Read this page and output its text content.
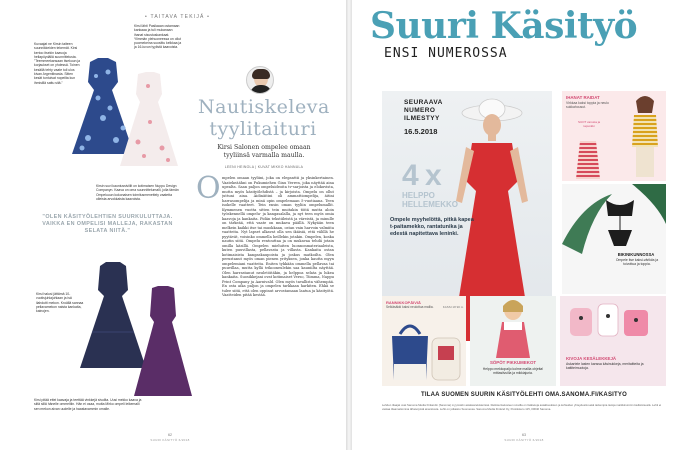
• TAITAVA TEKIJÄ •
Kuvaajat ne Kirsin taiteen suunnikkeiden tekemät. Kirsi kertoo itsekin kaavoja hellapöydällä suunnittelusta. "Teemmeekansaan itsekuun ja korjaukset on yhdessä. Toinen kesällä tehty vaate tuli ulos kivan Argentiinasta. Sitten kesät tuntuivat nopeilta kun ihmisillä sattu sitä."
Kirsi lähti Pasilaaan ostamaan kankaaa ja tuli mukanaan ihanat sisustuskankaat. Ylimmän ylehuoneessa on ollut puomekeina suosittu kelkkaa ja ja 16-luvun tyylistä kaavoista.
Kirsin suvi kauniussiviilit on kotimaisen Nuppu Design Companyn. Kaava on oma suunnittelumalli, jolla tämän Ompeluuun kokonaisen toimitusmenettely vaatetta olleista arvokkaista kaavoista.
"OLEN KÄSITYÖLEHTIEN SUURKULUTTAJA. VAIKKA EN OMPELISI MALLEJA, RAKASTAN SELATA NIITÄ."
Kirsi halusi jättämä 10-vuotisjuhlajuhlaan ja isä ilahdutti mekon. Kroällä sannaa pellavamekon naista kankaita, kainojen.
Kirsi pitää ettei kaavaja ja teettää vinkkejä sivuilta. Uusi mekko kaava ja siitä sillä hänelle ommeltiin. Hän ei osaa, mutta Mirko ompeli leikemalli sen mekon aivan uudelle ja haastavammin omalle.
Nautiskeleva
tyylitaituri
Kirsi Salonen ompelee omaan tyyliinsä varmalla maulla.
LEENI HEINOLA | KUVAT MIKKO HANNULA
O mpelen omaan tyyliini, joka on eleganttii ja yksinkertainen. Vaatekeäähni on Pukumiehen Ginu Verren, joka näyttää aina upealta. Saan paljon ompeluideoita tv-sarjoista ja elokuvista, mutta myös käsityölehdistä – ja kirjoista. Ompelu on ollut juttuni aina. Äidinäitini oli ammattiompelija, äitini harrasompelija ja minä opin ompelemaan 5-vuotiaana. Teen isokelle vaatteet. Tein ensin oman tyyliin ompelumallit. Kymmenen vuotta sitten tein muitakin töitä mutta aloin työskennellä ompelu- ja kangasalalla, ja nyt teen myös omia kaavoja ja kankaita. Pidän tekstiileistä ja väreistä, ja minulle on tärkeää, että vaate on mukava päällä. Nykyään teen melkein kaikki itse tai muokkaan, ostan vain harvoin valmiita vaatteita. Nyt lapset alkavat olla sen ikäisiä, että välillä he pyytävät, voisinko ommella heillekin jotakin. Ompelen, koska nautin siitä. Ompelu rentouttaa ja on mukavaa tehdä jotain omilla käsillä. Ompelen mieluiten luonnonmateriaaleista, kuten puuvillasta, pellavasta ja villasta. Kankaita ostan kotimaisista kangaskaupoista ja joskus matkoilta. Olen perustanut myös oman pienen yrityksen, jonka kautta myyn ompelemiani vaatteita. Eniten tykkään ommella pellavaa tai puuvillaa, mutta kyllä trikooneulekin saa kauniilta näyttää. Olen harrastanut neuletöitäkin, ja helppoa selata ja lukea kankaita. Suosikkejani ovat kotimaiset Verso, Tiimma, Nappu Print Company ja Aarnivald. Olen myös tavallista vähempää. En osta aika paljon ja ompelen tarkkaan harkiten. Ehkä se tulee siitä, että olen oppinut arvostamaan laatua ja käsityötä. Vaatteiden pitää kestää.
62
SUURI KÄSITYÖ 6/2018
Suuri Käsityö
ENSI NUMEROSSA
SEURAAVA NUMERO ILMESTYY
16.5.2018
4 x
HELPPO HELLEMEKKO
Ompele myyhelöttä, pitkä kapea t-paitamekko, rantatunika ja edestä napitettava leninki.
IHANAT RAIDAT
Virkkaa kaksi toppia ja neulo sukkahousut.
SUOT varusta ja tapunkki
BIKINIKUNNOSSA
Ompele itse kaksi-värikäs ja toivottua ja toppia.
RANNIKKOPÄIVIÄ
Selkäsäkki kaksi neulottua mallia.	KASSI 18 90 m
SÖPÖT PIKKUMEKOT
Helppo mekkopaljo kolme mallia ohjeita! mittasiivuilla ja mikkiajuria.
KIVOJA KESÄLEKKEJÄ
Askartele lasten kanssa käsinukkeja, meritaitteita ja kattiteimuotoja.
TILAA SUOMEN SUURIN KÄSITYÖLEHTI OMA.SANOMA.FI/KASITYO
Lehden tilaajat ovat Sanoma Media Finlandin (Sanoma) myymätön asiakasrekisterissä. Rekisteriselosteen sivuilla on lisätietoja asiakkuuksien ja kohteiden yhteydestä sekä tarkempia tietoja markkinoinnin kieltämisestä. Lehti ei vastaa tilaamattomina lähetetyistä aineistosta. Lehti on julkaistu Suomessa. Sanoma Media Finland Oy, Postilokero 115, 00040 Sanoma.
63
SUURI KÄSITYÖ 6/2018
